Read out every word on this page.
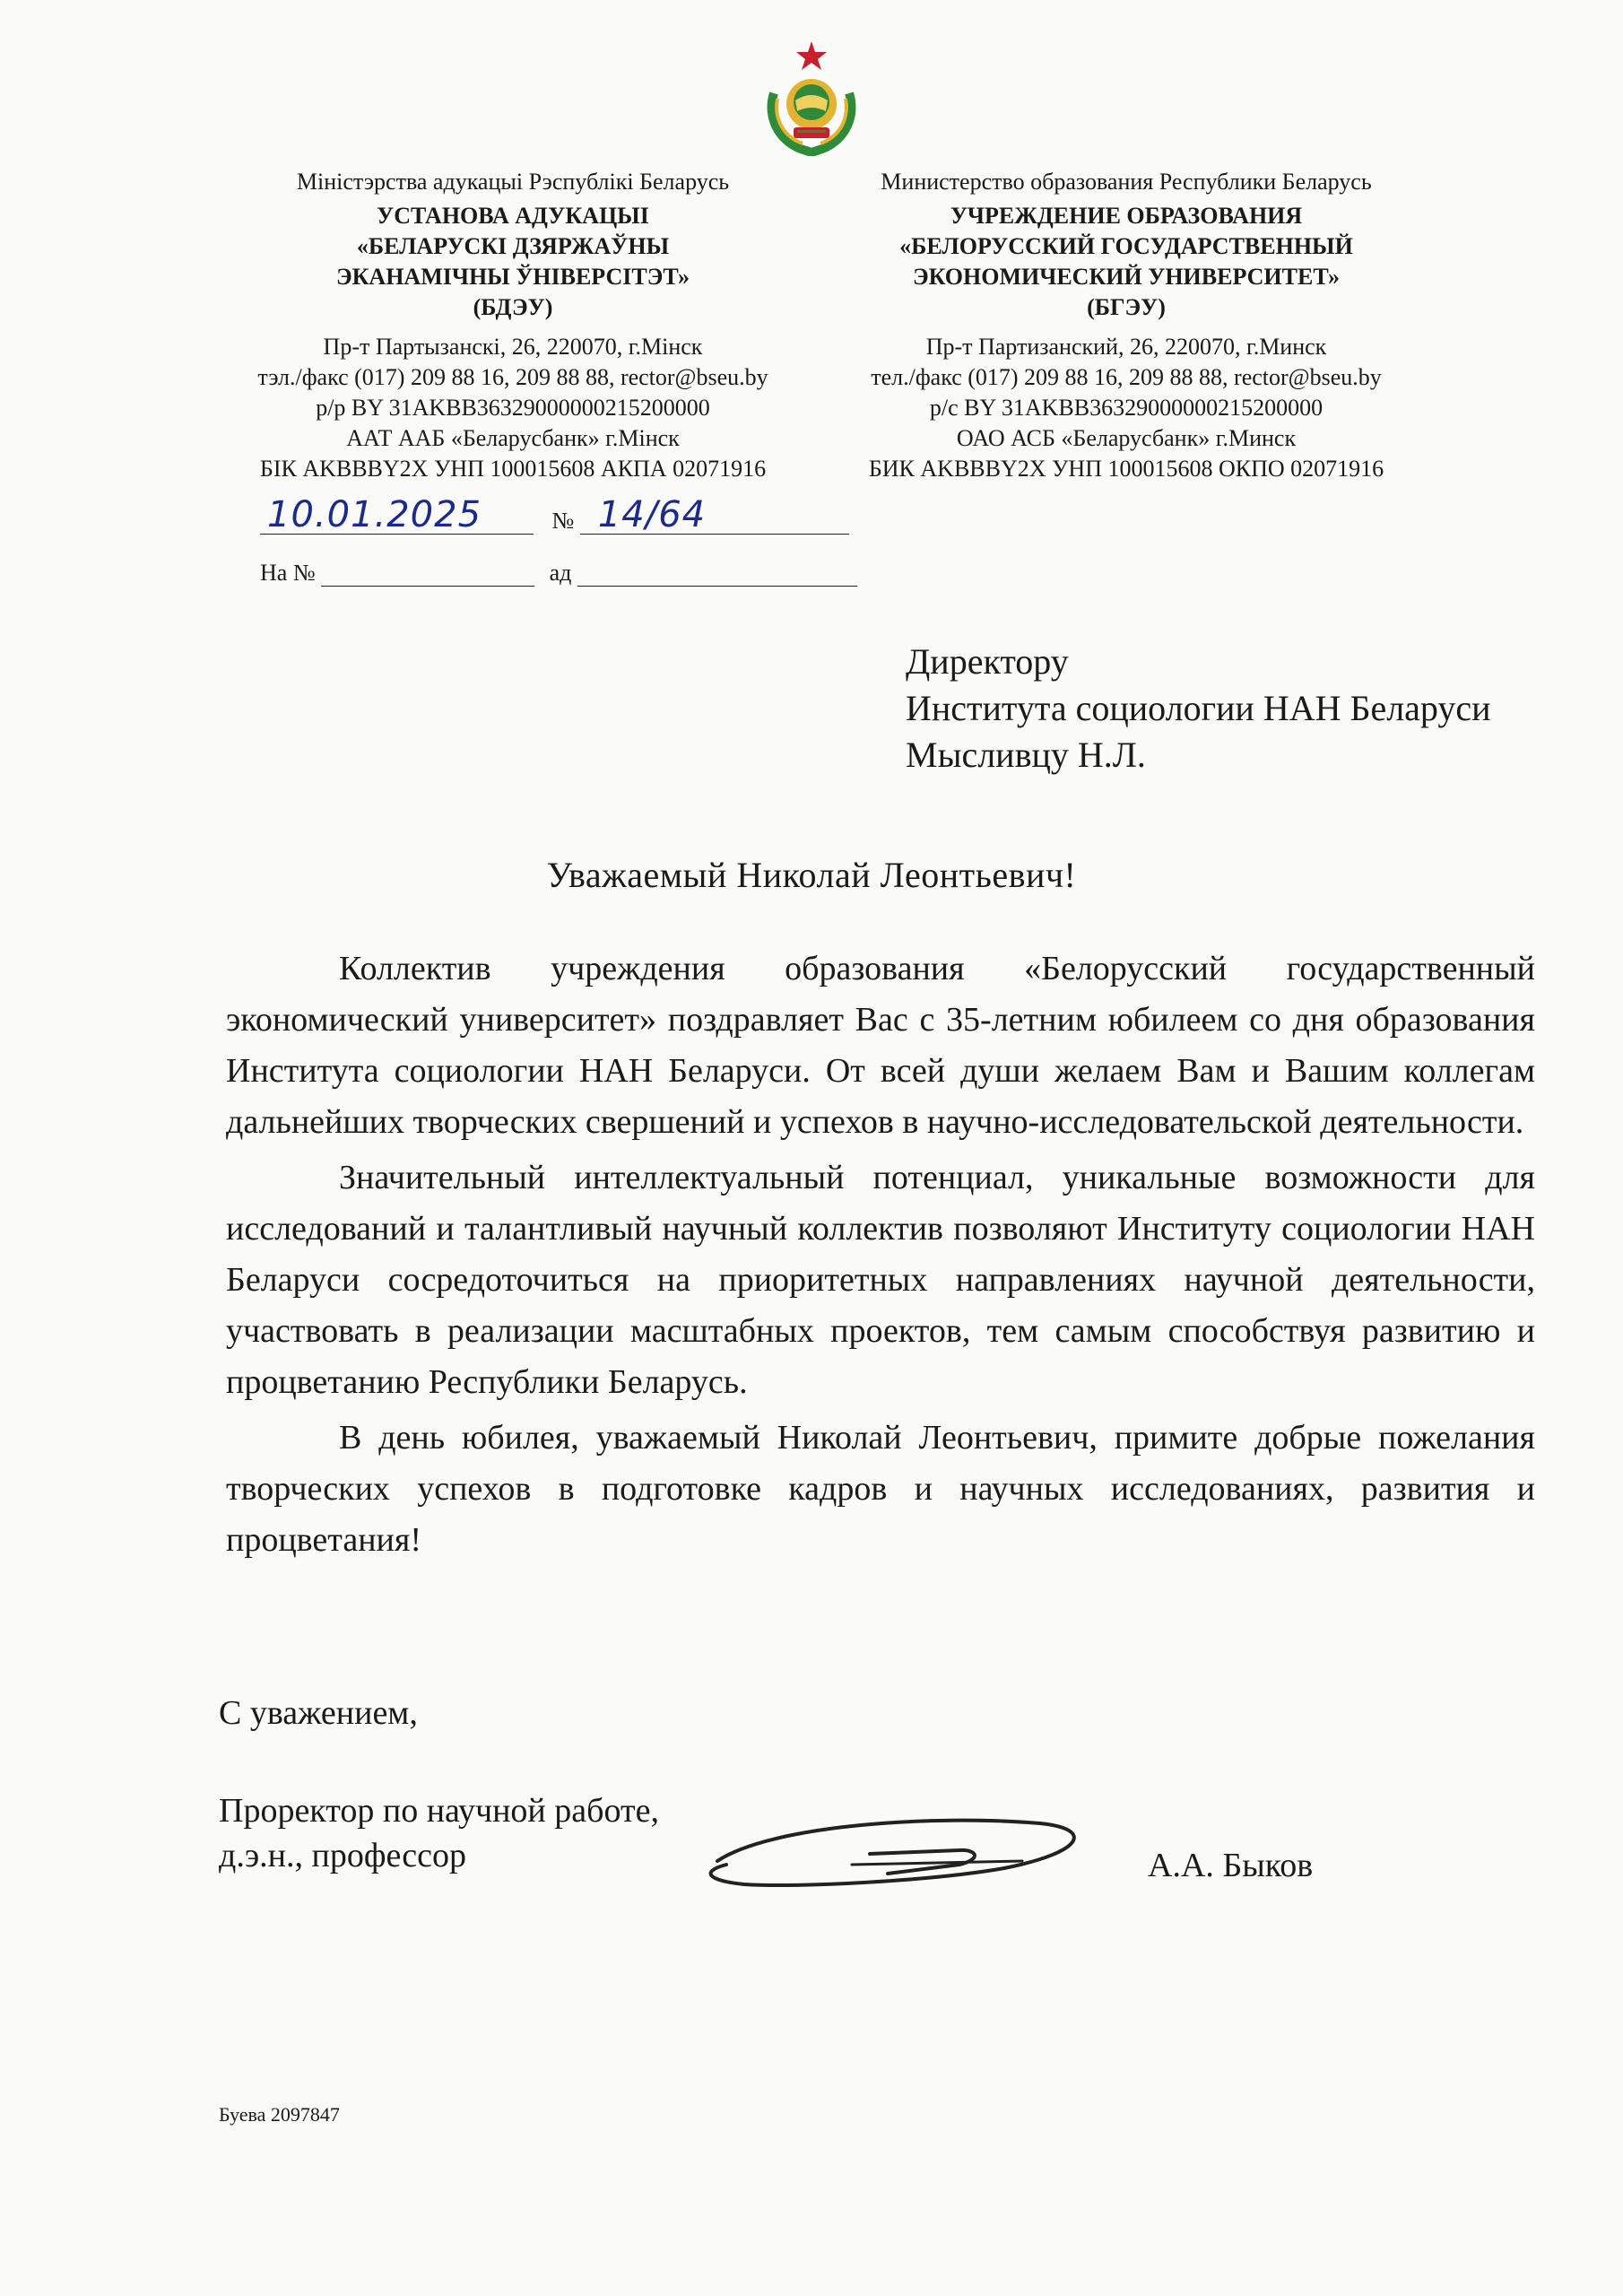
Міністэрства адукацыі Рэспублікі Беларусь
УСТАНОВА АДУКАЦЫІ
«БЕЛАРУСКІ ДЗЯРЖАЎНЫ
ЭКАНАМІЧНЫ ЎНІВЕРСІТЭТ»
(БДЭУ)
Пр-т Партызанскі, 26, 220070, г.Мінск
тэл./факс (017) 209 88 16, 209 88 88, rector@bseu.by
р/р BY 31AKBB36329000000215200000
ААТ ААБ «Беларусбанк» г.Мінск
БІК AKBBBY2X УНП 100015608 АКПА 02071916
Министерство образования Республики Беларусь
УЧРЕЖДЕНИЕ ОБРАЗОВАНИЯ
«БЕЛОРУССКИЙ ГОСУДАРСТВЕННЫЙ
ЭКОНОМИЧЕСКИЙ УНИВЕРСИТЕТ»
(БГЭУ)
Пр-т Партизанский, 26, 220070, г.Минск
тел./факс (017) 209 88 16, 209 88 88, rector@bseu.by
р/с BY 31AKBB36329000000215200000
ОАО АСБ «Беларусбанк» г.Минск
БИК AKBBBY2X УНП 100015608 ОКПО 02071916
10.01.2025	№ 14/64
На №	ад
Директору
Института социологии НАН Беларуси
Мысливцу Н.Л.
Уважаемый Николай Леонтьевич!

Коллектив учреждения образования «Белорусский государственный экономический университет» поздравляет Вас с 35-летним юбилеем со дня образования Института социологии НАН Беларуси. От всей души желаем Вам и Вашим коллегам дальнейших творческих свершений и успехов в научно-исследовательской деятельности.

Значительный интеллектуальный потенциал, уникальные возможности для исследований и талантливый научный коллектив позволяют Институту социологии НАН Беларуси сосредоточиться на приоритетных направлениях научной деятельности, участвовать в реализации масштабных проектов, тем самым способствуя развитию и процветанию Республики Беларусь.

В день юбилея, уважаемый Николай Леонтьевич, примите добрые пожелания творческих успехов в подготовке кадров и научных исследованиях, развития и процветания!

С уважением,
Проректор по научной работе,
д.э.н., профессор	А.А. Быков
Буева 2097847
